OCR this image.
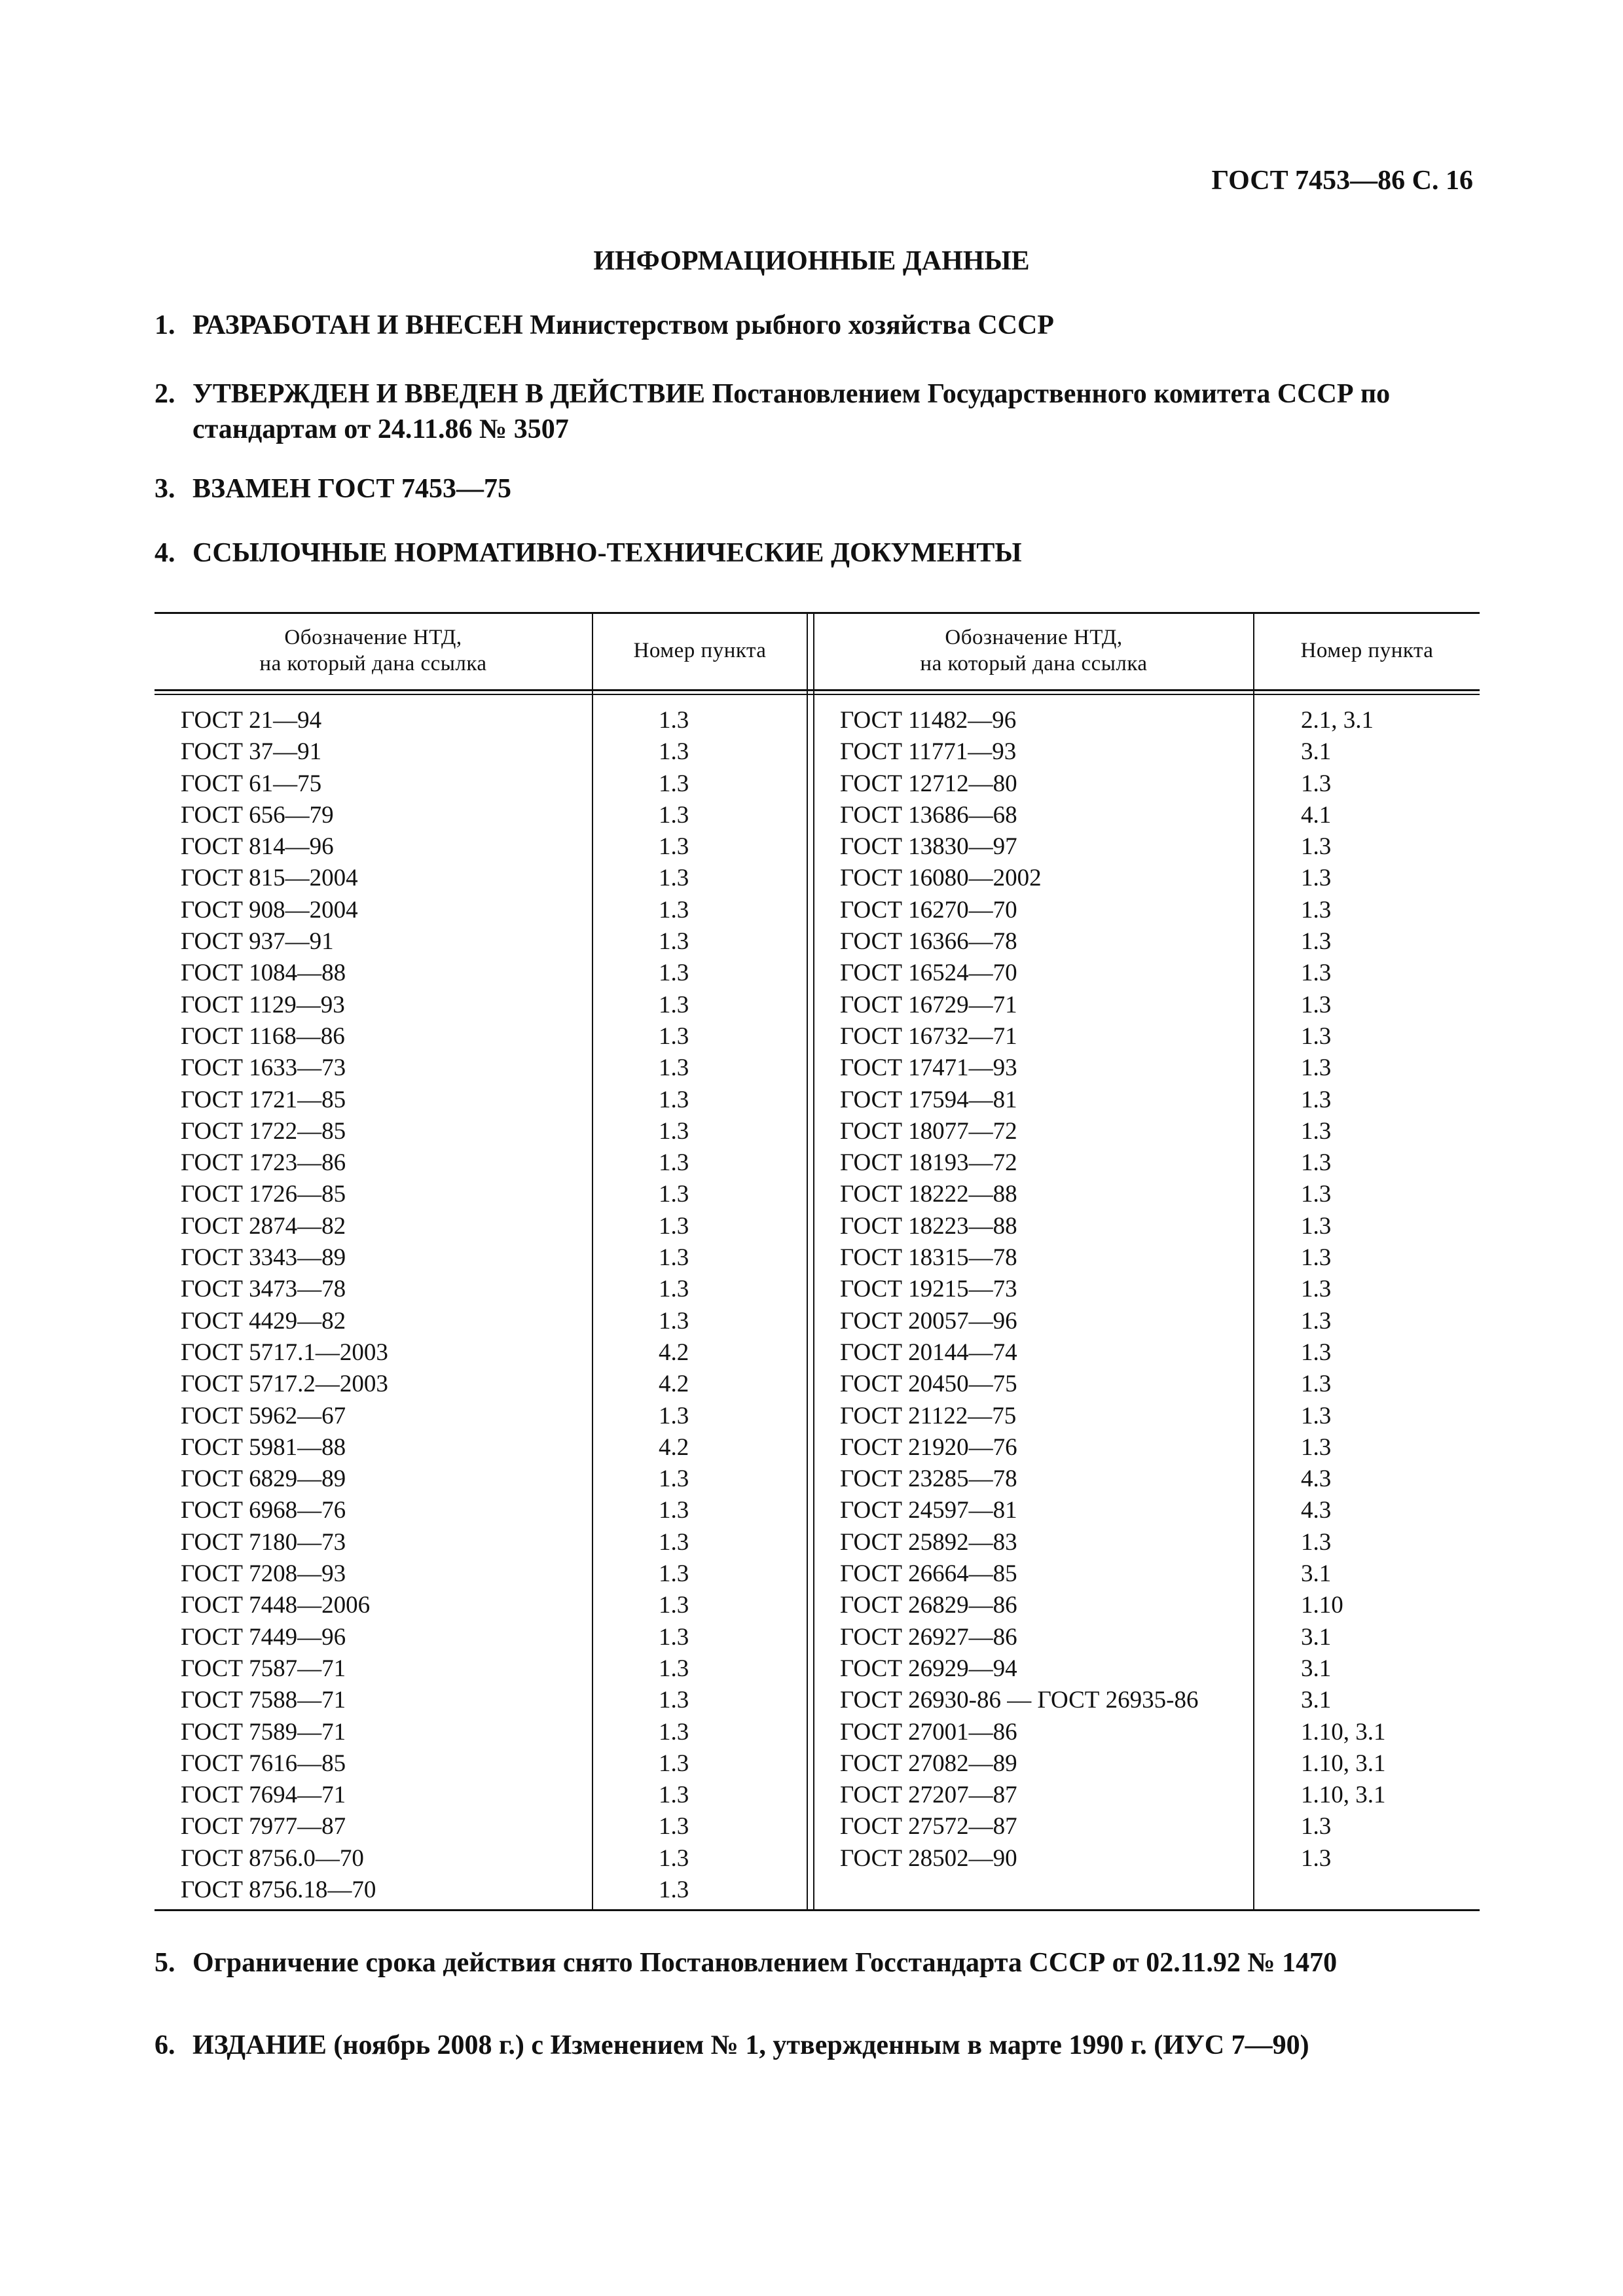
ГОСТ 7453—86 С. 16

ИНФОРМАЦИОННЫЕ ДАННЫЕ
1. РАЗРАБОТАН И ВНЕСЕН Министерством рыбного хозяйства СССР
2. УТВЕРЖДЕН И ВВЕДЕН В ДЕЙСТВИЕ Постановлением Государственного комитета СССР по
стандартам от 24.11.86 № 3507
3. ВЗАМЕН ГОСТ 7453—75
4. ССЫЛОЧНЫЕ НОРМАТИВНО-ТЕХНИЧЕСКИЕ ДОКУМЕНТЫ
Обозначение НТД,
на который дана ссылка
Номер пункта
Обозначение НТД,
на который дана ссылка
Номер пункта
ГОСТ 21—94
ГОСТ 37—91
ГОСТ 61—75
ГОСТ 656—79
ГОСТ 814—96
ГОСТ 815—2004
ГОСТ 908—2004
ГОСТ 937—91
ГОСТ 1084—88
ГОСТ 1129—93
ГОСТ 1168—86
ГОСТ 1633—73
ГОСТ 1721—85
ГОСТ 1722—85
ГОСТ 1723—86
ГОСТ 1726—85
ГОСТ 2874—82
ГОСТ 3343—89
ГОСТ 3473—78
ГОСТ 4429—82
ГОСТ 5717.1—2003
ГОСТ 5717.2—2003
ГОСТ 5962—67
ГОСТ 5981—88
ГОСТ 6829—89
ГОСТ 6968—76
ГОСТ 7180—73
ГОСТ 7208—93
ГОСТ 7448—2006
ГОСТ 7449—96
ГОСТ 7587—71
ГОСТ 7588—71
ГОСТ 7589—71
ГОСТ 7616—85
ГОСТ 7694—71
ГОСТ 7977—87
ГОСТ 8756.0—70
ГОСТ 8756.18—70
1.3
1.3
1.3
1.3
1.3
1.3
1.3
1.3
1.3
1.3
1.3
1.3
1.3
1.3
1.3
1.3
1.3
1.3
1.3
1.3
4.2
4.2
1.3
4.2
1.3
1.3
1.3
1.3
1.3
1.3
1.3
1.3
1.3
1.3
1.3
1.3
1.3
1.3
ГОСТ 11482—96
ГОСТ 11771—93
ГОСТ 12712—80
ГОСТ 13686—68
ГОСТ 13830—97
ГОСТ 16080—2002
ГОСТ 16270—70
ГОСТ 16366—78
ГОСТ 16524—70
ГОСТ 16729—71
ГОСТ 16732—71
ГОСТ 17471—93
ГОСТ 17594—81
ГОСТ 18077—72
ГОСТ 18193—72
ГОСТ 18222—88
ГОСТ 18223—88
ГОСТ 18315—78
ГОСТ 19215—73
ГОСТ 20057—96
ГОСТ 20144—74
ГОСТ 20450—75
ГОСТ 21122—75
ГОСТ 21920—76
ГОСТ 23285—78
ГОСТ 24597—81
ГОСТ 25892—83
ГОСТ 26664—85
ГОСТ 26829—86
ГОСТ 26927—86
ГОСТ 26929—94
ГОСТ 26930-86 — ГОСТ 26935-86
ГОСТ 27001—86
ГОСТ 27082—89
ГОСТ 27207—87
ГОСТ 27572—87
ГОСТ 28502—90
2.1, 3.1
3.1
1.3
4.1
1.3
1.3
1.3
1.3
1.3
1.3
1.3
1.3
1.3
1.3
1.3
1.3
1.3
1.3
1.3
1.3
1.3
1.3
1.3
1.3
4.3
4.3
1.3
3.1
1.10
3.1
3.1
3.1
1.10, 3.1
1.10, 3.1
1.10, 3.1
1.3
1.3
5. Ограничение срока действия снято Постановлением Госстандарта СССР от 02.11.92 № 1470
6. ИЗДАНИЕ (ноябрь 2008 г.) с Изменением № 1, утвержденным в марте 1990 г. (ИУС 7—90)
